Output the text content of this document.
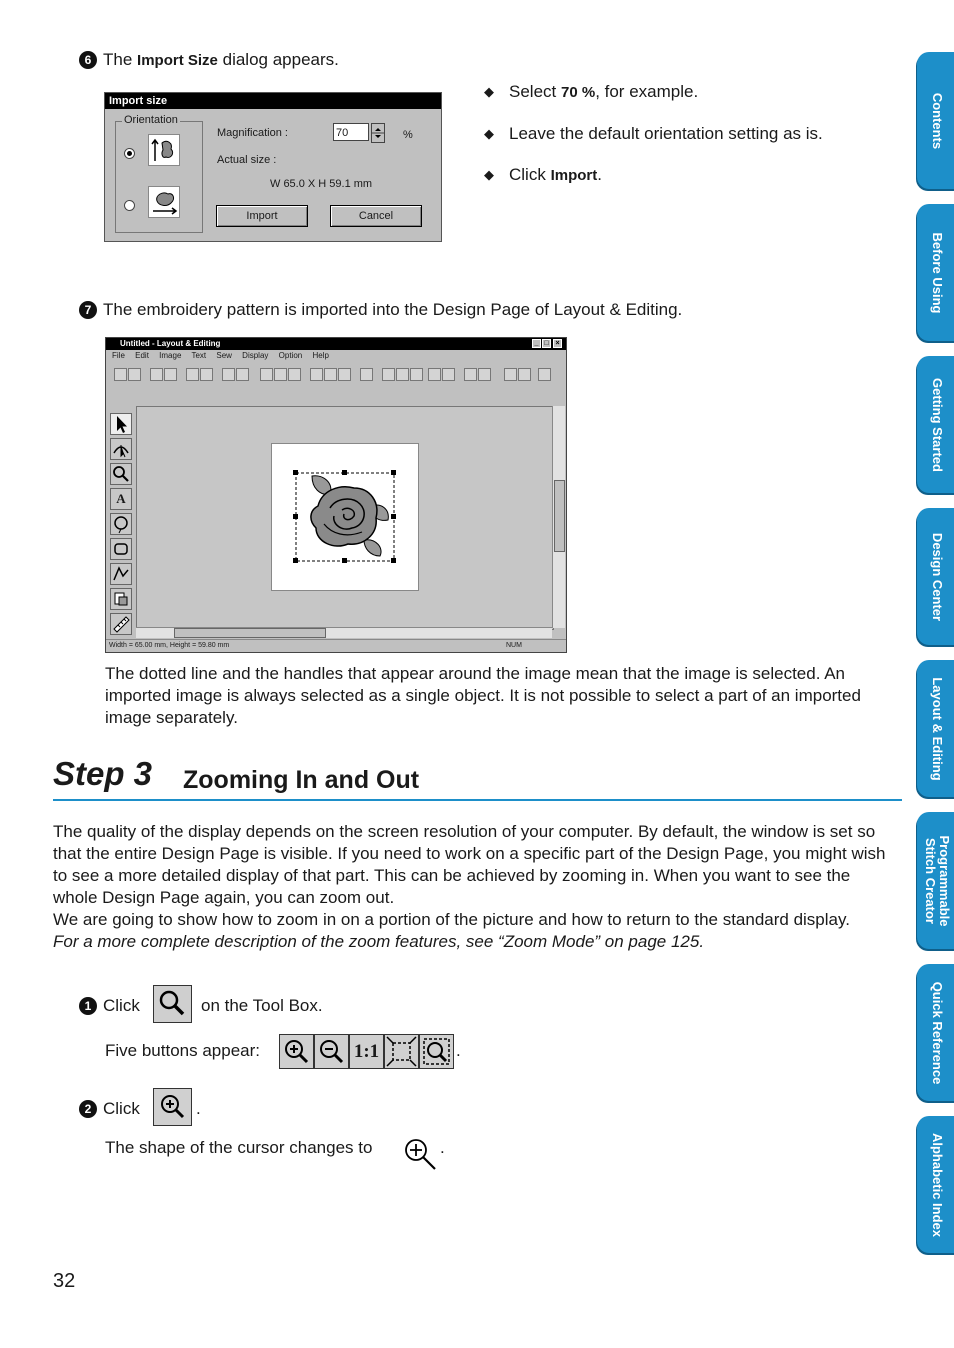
Contents
Before Using
Getting Started
Design Center
Layout & Editing
Programmable Stitch Creator
Quick Reference
Alphabetic Index
6 The Import Size dialog appears.
Import size
Orientation
Magnification :	70	%
Actual size :
W 65.0 X H 59.1 mm
Import	Cancel
◆ Select 70 %, for example.
◆ Leave the default orientation setting as is.
◆ Click Import.
7 The embroidery pattern is imported into the Design Page of Layout & Editing.
Untitled - Layout & Editing	_ □ ×
File Edit Image Text Sew Display Option Help
A
Width = 65.00 mm, Height = 59.80 mm	NUM
The dotted line and the handles that appear around the image mean that the image is selected. An imported image is always selected as a single object. It is not possible to select a part of an imported image separately.
Step 3 Zooming In and Out
The quality of the display depends on the screen resolution of your computer. By default, the window is set so that the entire Design Page is visible. If you need to work on a specific part of the Design Page, you might wish to see a more detailed display of that part. This can be achieved by zooming in. When you want to see the whole Design Page again, you can zoom out.
We are going to show how to zoom in on a portion of the picture and how to return to the standard display.
For a more complete description of the zoom features, see “Zoom Mode” on page 125.
1 Click	on the Tool Box.
Five buttons appear:	1:1	.
2 Click	.
The shape of the cursor changes to	.
32
